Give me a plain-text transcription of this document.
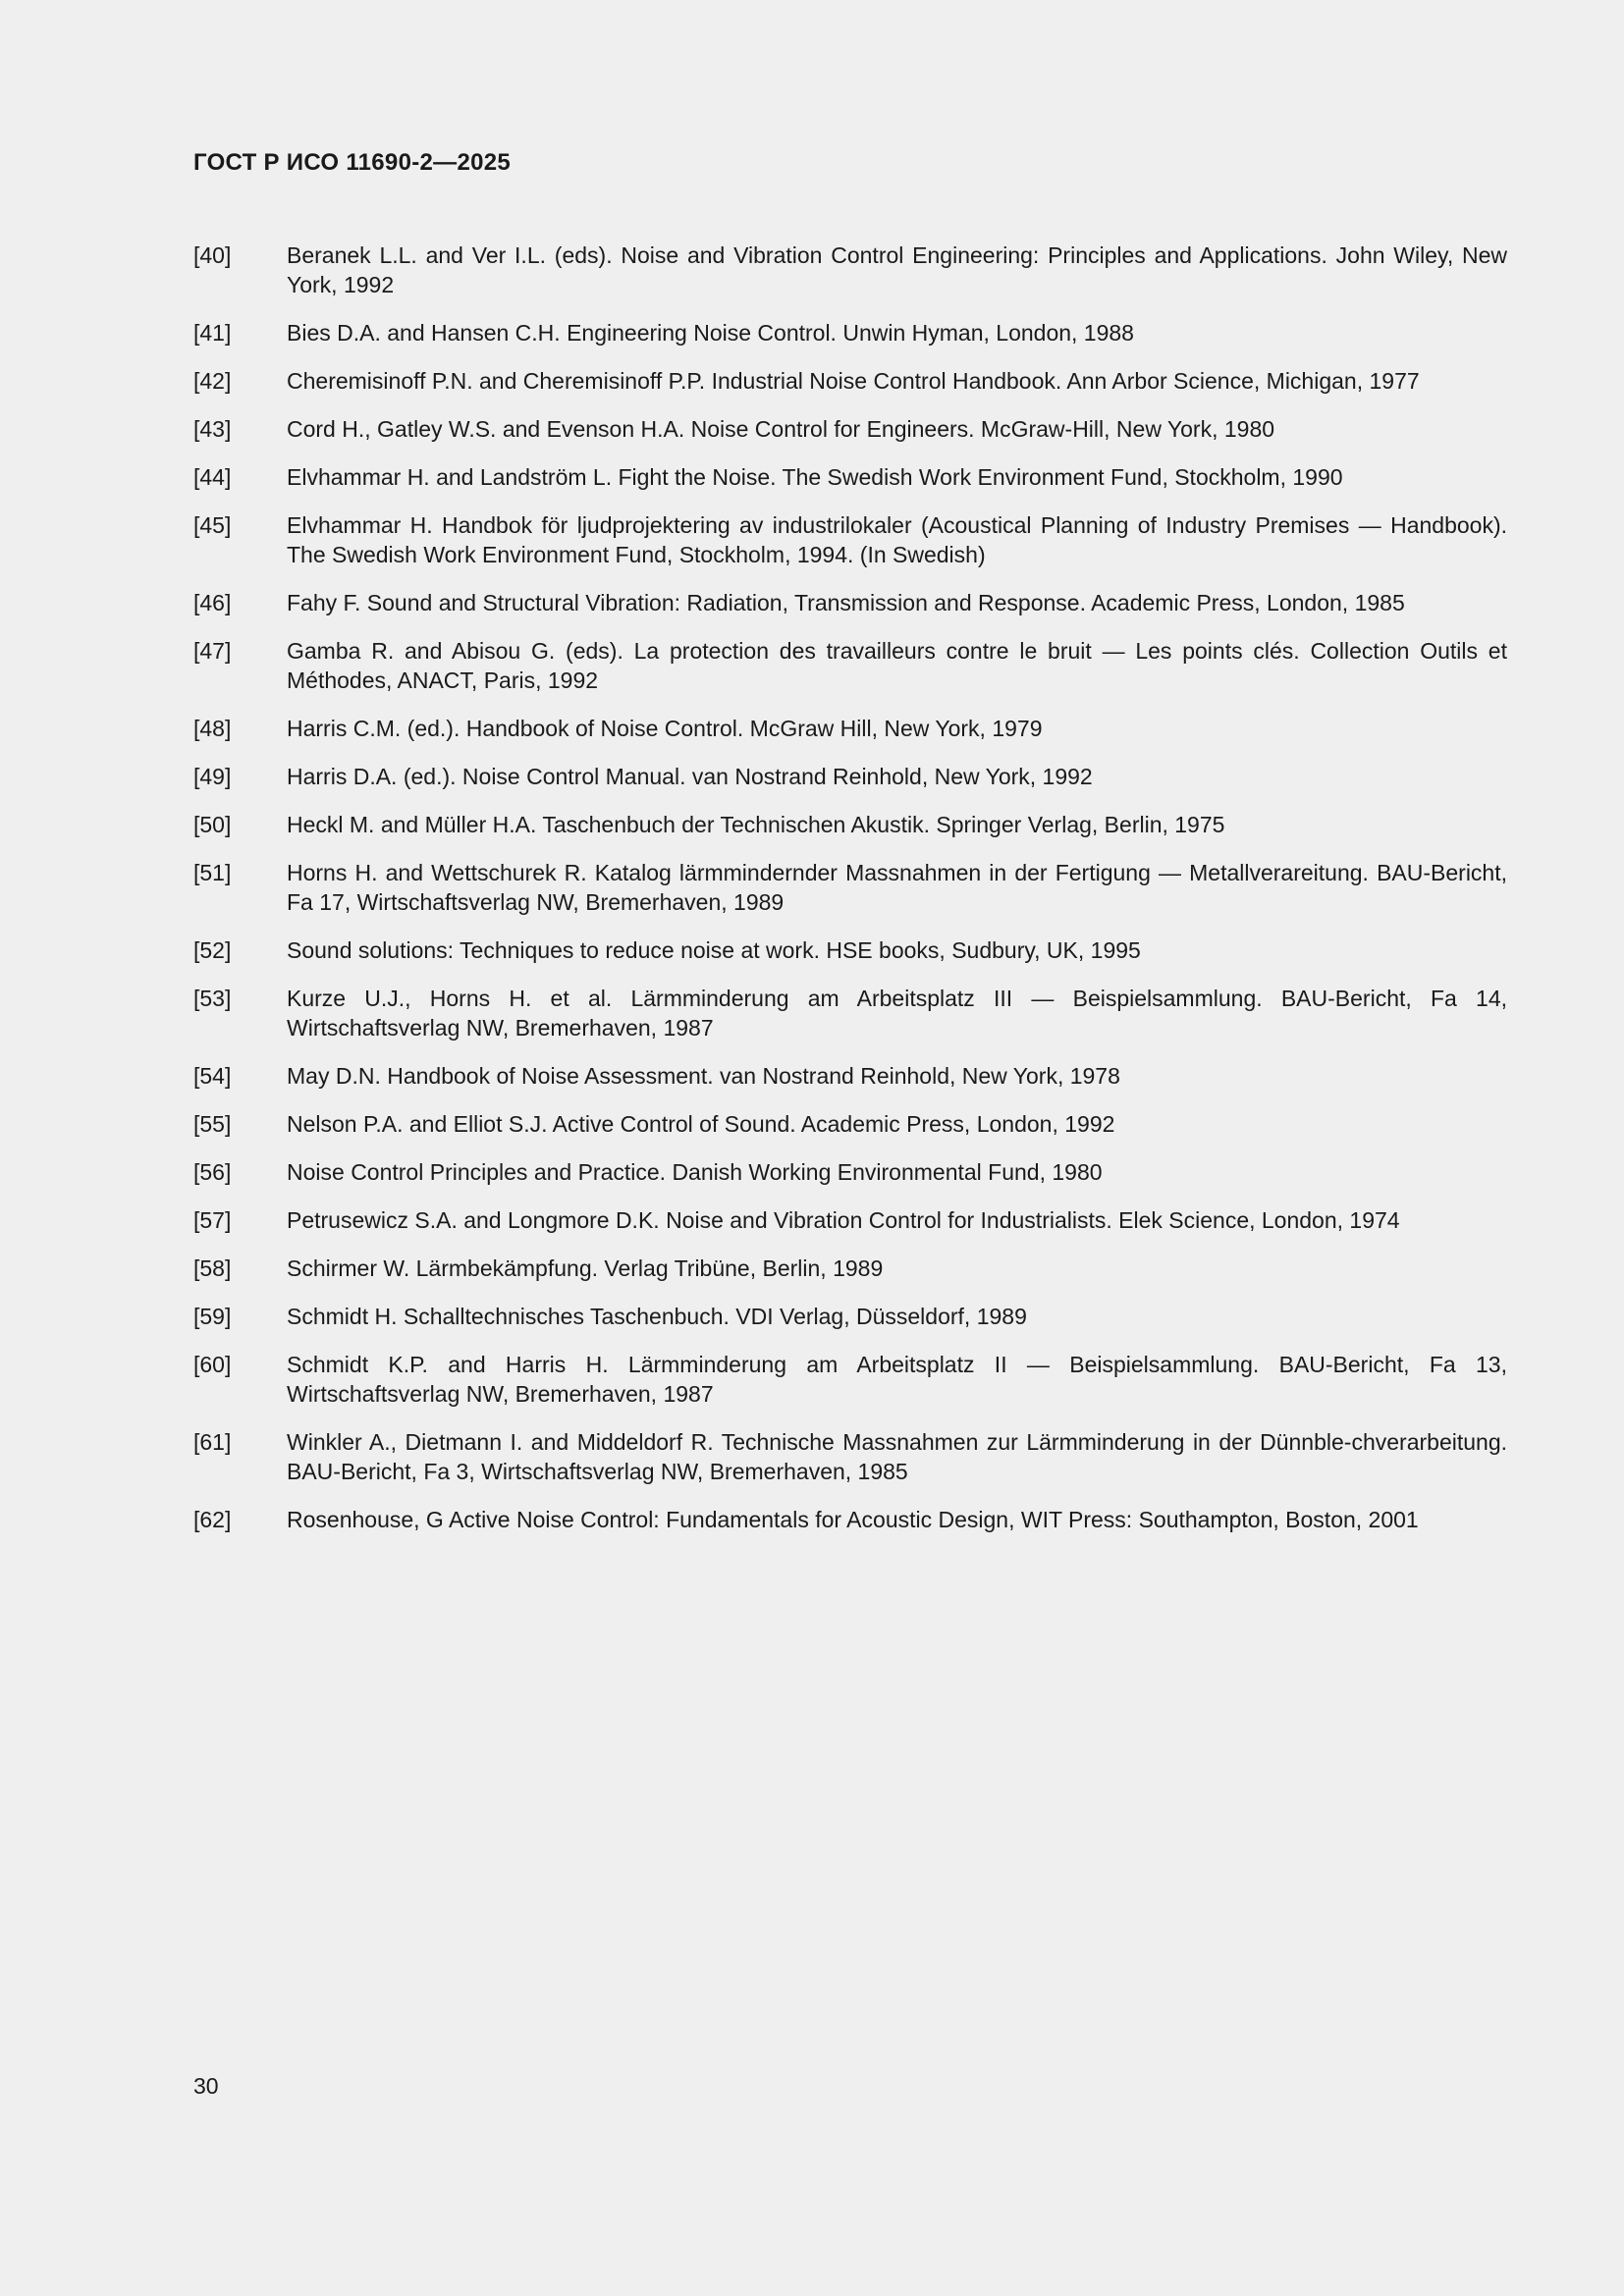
ГОСТ Р ИСО 11690-2—2025
[40]	Beranek L.L. and Ver I.L. (eds). Noise and Vibration Control Engineering: Principles and Applications. John Wiley, New York, 1992
[41]	Bies D.A. and Hansen C.H. Engineering Noise Control. Unwin Hyman, London, 1988
[42]	Cheremisinoff P.N. and Cheremisinoff P.P. Industrial Noise Control Handbook. Ann Arbor Science, Michigan, 1977
[43]	Cord H., Gatley W.S. and Evenson H.A. Noise Control for Engineers. McGraw-Hill, New York, 1980
[44]	Elvhammar H. and Landström L. Fight the Noise. The Swedish Work Environment Fund, Stockholm, 1990
[45]	Elvhammar H. Handbok för ljudprojektering av industrilokaler (Acoustical Planning of Industry Premises — Handbook). The Swedish Work Environment Fund, Stockholm, 1994. (In Swedish)
[46]	Fahy F. Sound and Structural Vibration: Radiation, Transmission and Response. Academic Press, London, 1985
[47]	Gamba R. and Abisou G. (eds). La protection des travailleurs contre le bruit — Les points clés. Collection Outils et Méthodes, ANACT, Paris, 1992
[48]	Harris C.M. (ed.). Handbook of Noise Control. McGraw Hill, New York, 1979
[49]	Harris D.A. (ed.). Noise Control Manual. van Nostrand Reinhold, New York, 1992
[50]	Heckl M. and Müller H.A. Taschenbuch der Technischen Akustik. Springer Verlag, Berlin, 1975
[51]	Horns H. and Wettschurek R. Katalog lärmmindernder Massnahmen in der Fertigung — Metallverareitung. BAU-Bericht, Fa 17, Wirtschaftsverlag NW, Bremerhaven, 1989
[52]	Sound solutions: Techniques to reduce noise at work. HSE books, Sudbury, UK, 1995
[53]	Kurze U.J., Horns H. et al. Lärmminderung am Arbeitsplatz III — Beispielsammlung. BAU-Bericht, Fa 14, Wirtschaftsverlag NW, Bremerhaven, 1987
[54]	May D.N. Handbook of Noise Assessment. van Nostrand Reinhold, New York, 1978
[55]	Nelson P.A. and Elliot S.J. Active Control of Sound. Academic Press, London, 1992
[56]	Noise Control Principles and Practice. Danish Working Environmental Fund, 1980
[57]	Petrusewicz S.A. and Longmore D.K. Noise and Vibration Control for Industrialists. Elek Science, London, 1974
[58]	Schirmer W. Lärmbekämpfung. Verlag Tribüne, Berlin, 1989
[59]	Schmidt H. Schalltechnisches Taschenbuch. VDI Verlag, Düsseldorf, 1989
[60]	Schmidt K.P. and Harris H. Lärmminderung am Arbeitsplatz II — Beispielsammlung. BAU-Bericht, Fa 13, Wirtschaftsverlag NW, Bremerhaven, 1987
[61]	Winkler A., Dietmann I. and Middeldorf R. Technische Massnahmen zur Lärmminderung in der Dünnble-chverarbeitung. BAU-Bericht, Fa 3, Wirtschaftsverlag NW, Bremerhaven, 1985
[62]	Rosenhouse, G Active Noise Control: Fundamentals for Acoustic Design, WIT Press: Southampton, Boston, 2001
30
